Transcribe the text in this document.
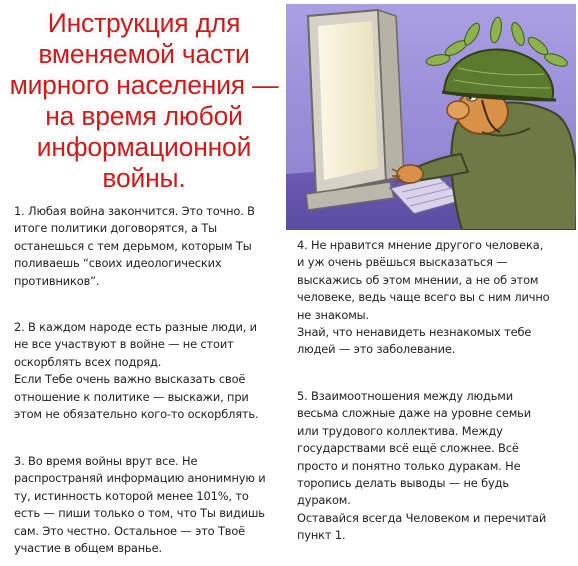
Инструкция для
вменяемой части
мирного населения —
на время любой
информационной
войны.
1. Любая война закончится. Это точно. В
итоге политики договорятся, а Ты
останешься с тем дерьмом, которым Ты
поливаешь “своих идеологических
противников”.
2. В каждом народе есть разные люди, и
не все участвуют в войне — не стоит
оскорблять всех подряд.
Если Тебе очень важно высказать своё
отношение к политике — выскажи, при
этом не обязательно кого-то оскорблять.
3. Во время войны врут все. Не
распространяй информацию анонимную и
ту, истинность которой менее 101%, то
есть — пиши только о том, что Ты видишь
сам. Это честно. Остальное — это Твоё
участие в общем вранье.
4. Не нравится мнение другого человека,
и уж очень рвёшься высказаться —
выскажись об этом мнении, а не об этом
человеке, ведь чаще всего вы с ним лично
не знакомы.
Знай, что ненавидеть незнакомых тебе
людей — это заболевание.
5. Взаимоотношения между людьми
весьма сложные даже на уровне семьи
или трудового коллектива. Между
государствами всё ещё сложнее. Всё
просто и понятно только дуракам. Не
торопись делать выводы — не будь
дураком.
Оставайся всегда Человеком и перечитай
пункт 1.
